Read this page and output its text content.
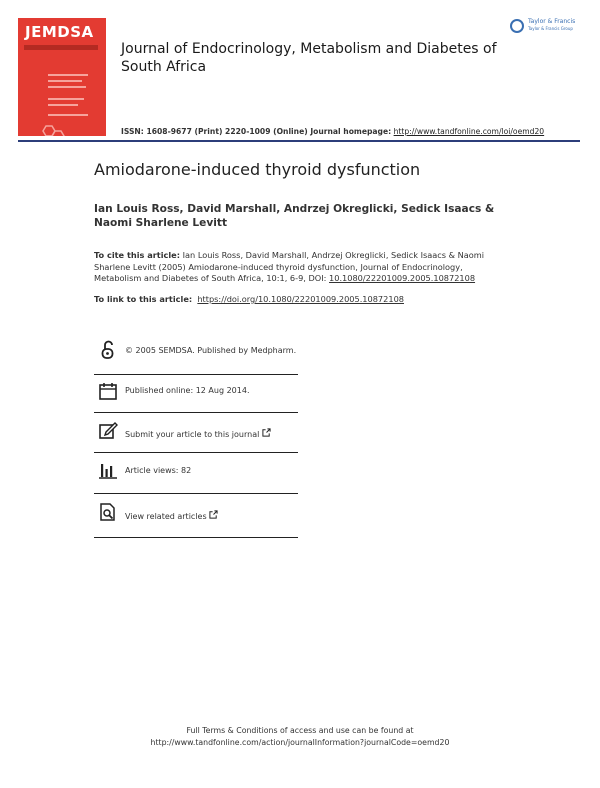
JEMDSA
Taylor & Francis
Taylor & Francis Group
Journal of Endocrinology, Metabolism and Diabetes of South Africa
ISSN: 1608-9677 (Print) 2220-1009 (Online) Journal homepage: http://www.tandfonline.com/loi/oemd20
Amiodarone-induced thyroid dysfunction
Ian Louis Ross, David Marshall, Andrzej Okreglicki, Sedick Isaacs & Naomi Sharlene Levitt
To cite this article: Ian Louis Ross, David Marshall, Andrzej Okreglicki, Sedick Isaacs & Naomi Sharlene Levitt (2005) Amiodarone-induced thyroid dysfunction, Journal of Endocrinology, Metabolism and Diabetes of South Africa, 10:1, 6-9, DOI: 10.1080/22201009.2005.10872108
To link to this article: https://doi.org/10.1080/22201009.2005.10872108
© 2005 SEMDSA. Published by Medpharm.
Published online: 12 Aug 2014.
Submit your article to this journal
Article views: 82
View related articles
Full Terms & Conditions of access and use can be found at
http://www.tandfonline.com/action/journalInformation?journalCode=oemd20
